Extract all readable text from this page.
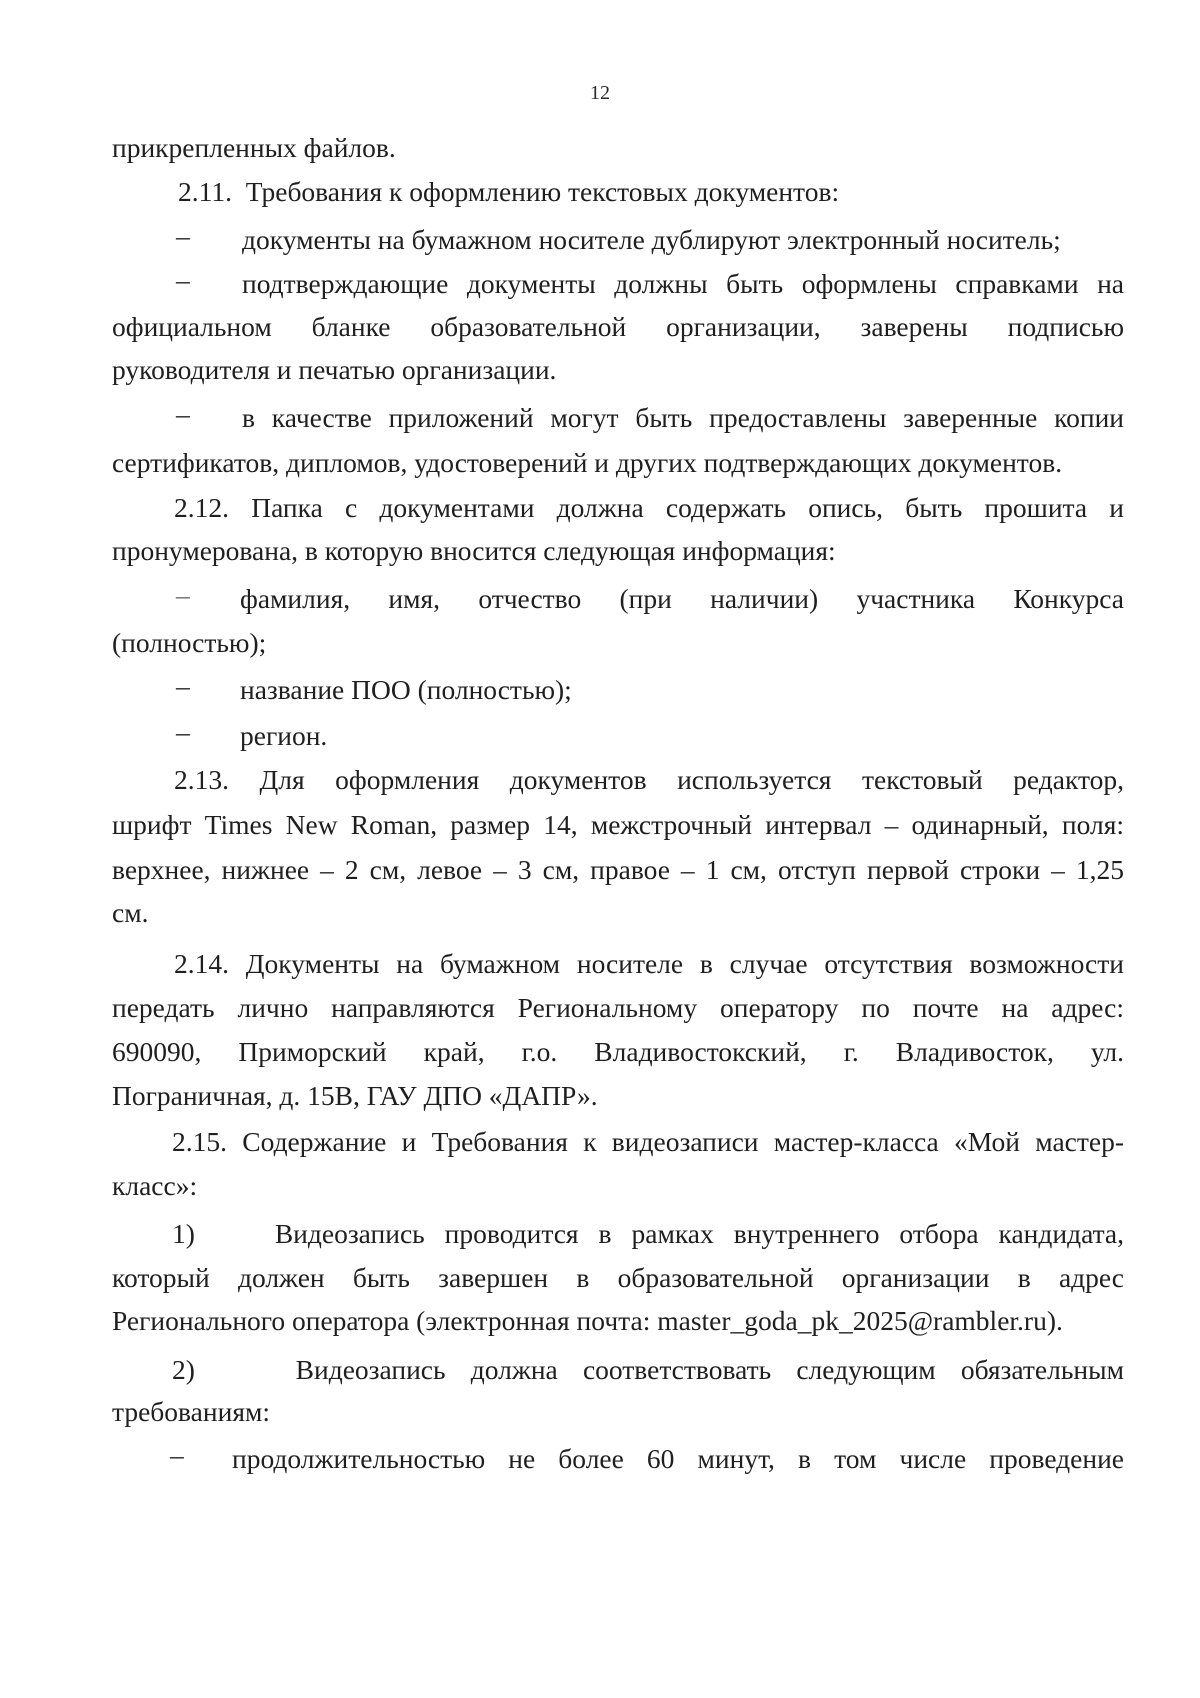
12
прикрепленных файлов.
2.11. Требования к оформлению текстовых документов:
– документы на бумажном носителе дублируют электронный носитель;
– подтверждающие документы должны быть оформлены справками на
официальном бланке образовательной организации, заверены подписью
руководителя и печатью организации.
– в качестве приложений могут быть предоставлены заверенные копии
сертификатов, дипломов, удостоверений и других подтверждающих документов.
2.12. Папка с документами должна содержать опись, быть прошита и
пронумерована, в которую вносится следующая информация:
– фамилия, имя, отчество (при наличии) участника Конкурса
(полностью);
– название ПОО (полностью);
– регион.
2.13. Для оформления документов используется текстовый редактор,
шрифт Times New Roman, размер 14, межстрочный интервал – одинарный, поля:
верхнее, нижнее – 2 см, левое – 3 см, правое – 1 см, отступ первой строки – 1,25
см.
2.14. Документы на бумажном носителе в случае отсутствия возможности
передать лично направляются Региональному оператору по почте на адрес:
690090, Приморский край, г.о. Владивостокский, г. Владивосток, ул.
Пограничная, д. 15В, ГАУ ДПО «ДАПР».
2.15. Содержание и Требования к видеозаписи мастер-класса «Мой мастер-
класс»:
1)	Видеозапись проводится в рамках внутреннего отбора кандидата,
который должен быть завершен в образовательной организации в адрес
Регионального оператора (электронная почта: master_goda_pk_2025@rambler.ru).
2)	Видеозапись должна соответствовать следующим обязательным
требованиям:
– продолжительностью не более 60 минут, в том числе проведение
